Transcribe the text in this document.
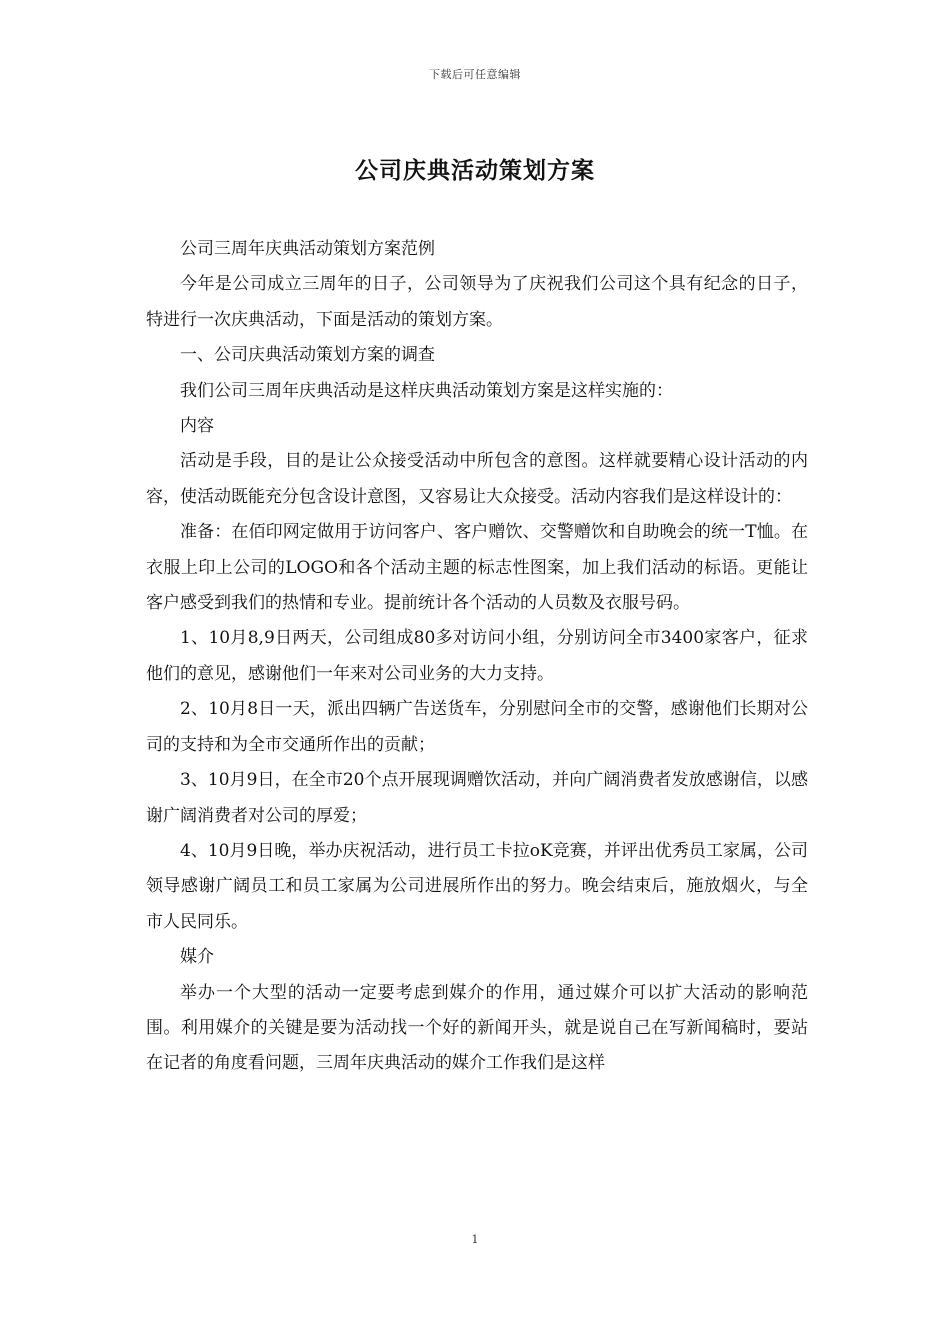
下载后可任意编辑
公司庆典活动策划方案

公司三周年庆典活动策划方案范例

今年是公司成立三周年的日子，公司领导为了庆祝我们公司这个具有纪念的日子，特进行一次庆典活动，下面是活动的策划方案。

一、公司庆典活动策划方案的调查

我们公司三周年庆典活动是这样庆典活动策划方案是这样实施的：

内容

活动是手段，目的是让公众接受活动中所包含的意图。这样就要精心设计活动的内容，使活动既能充分包含设计意图，又容易让大众接受。活动内容我们是这样设计的：

准备：在佰印网定做用于访问客户、客户赠饮、交警赠饮和自助晚会的统一T恤。在衣服上印上公司的LOGO和各个活动主题的标志性图案，加上我们活动的标语。更能让客户感受到我们的热情和专业。提前统计各个活动的人员数及衣服号码。

1、10月8,9日两天，公司组成80多对访问小组，分别访问全市3400家客户，征求他们的意见，感谢他们一年来对公司业务的大力支持。

2、10月8日一天，派出四辆广告送货车，分别慰问全市的交警，感谢他们长期对公司的支持和为全市交通所作出的贡献；

3、10月9日，在全市20个点开展现调赠饮活动，并向广阔消费者发放感谢信，以感谢广阔消费者对公司的厚爱；

4、10月9日晚，举办庆祝活动，进行员工卡拉oK竞赛，并评出优秀员工家属，公司领导感谢广阔员工和员工家属为公司进展所作出的努力。晚会结束后，施放烟火，与全市人民同乐。

媒介

举办一个大型的活动一定要考虑到媒介的作用，通过媒介可以扩大活动的影响范围。利用媒介的关键是要为活动找一个好的新闻开头，就是说自己在写新闻稿时，要站在记者的角度看问题，三周年庆典活动的媒介工作我们是这样

1
